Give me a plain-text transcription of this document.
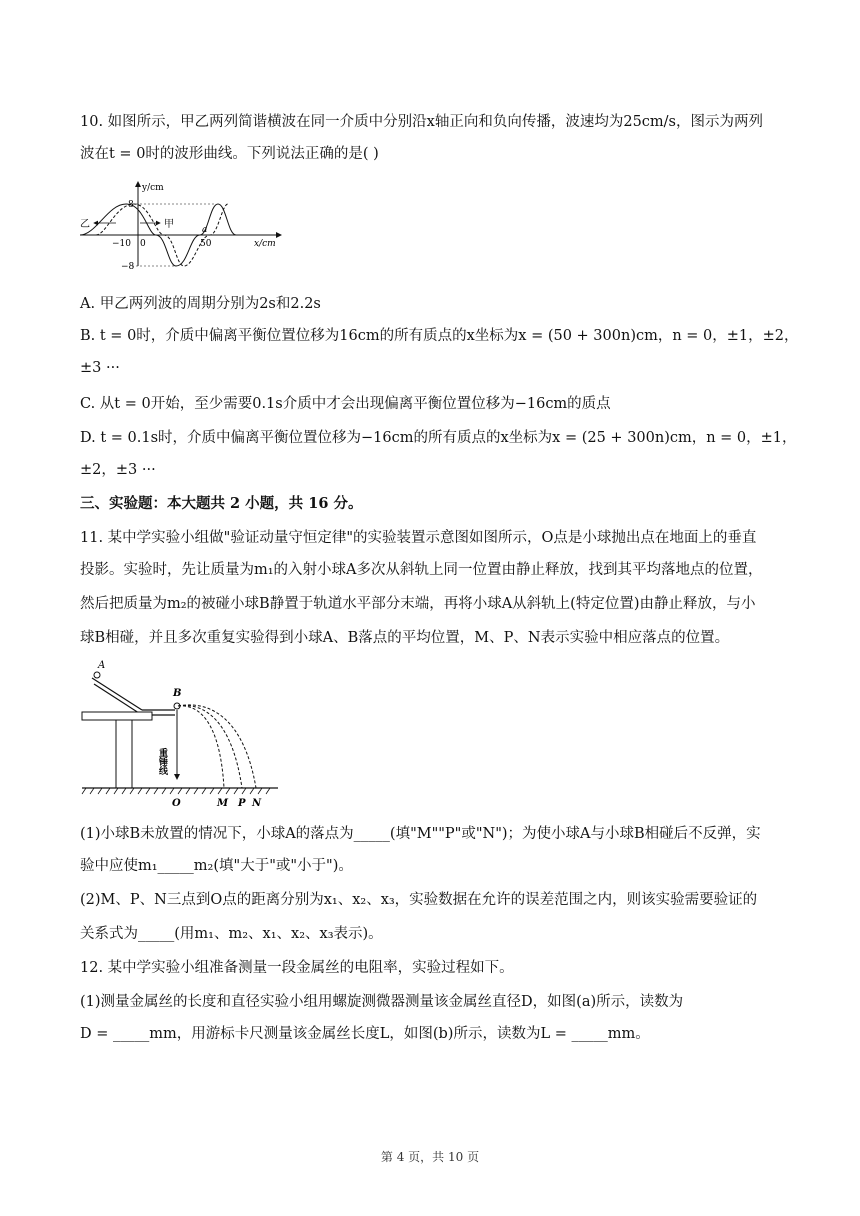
10. 如图所示，甲乙两列简谐横波在同一介质中分别沿x轴正向和负向传播，波速均为25cm/s，图示为两列
波在t = 0时的波形曲线。下列说法正确的是( )
y/cm
x/cm
8
−8
−10 0	50
a
乙	甲
A. 甲乙两列波的周期分别为2s和2.2s
B. t = 0时，介质中偏离平衡位置位移为16cm的所有质点的x坐标为x = (50 + 300n)cm，n = 0，±1，±2，
±3 ···
C. 从t = 0开始，至少需要0.1s介质中才会出现偏离平衡位置位移为−16cm的质点
D. t = 0.1s时，介质中偏离平衡位置位移为−16cm的所有质点的x坐标为x = (25 + 300n)cm，n = 0，±1，
±2，±3 ···
三、实验题：本大题共 2 小题，共 16 分。
11. 某中学实验小组做"验证动量守恒定律"的实验装置示意图如图所示，O点是小球抛出点在地面上的垂直
投影。实验时，先让质量为m₁的入射小球A多次从斜轨上同一位置由静止释放，找到其平均落地点的位置，
然后把质量为m₂的被碰小球B静置于轨道水平部分末端，再将小球A从斜轨上(特定位置)由静止释放，与小
球B相碰，并且多次重复实验得到小球A、B落点的平均位置，M、P、N表示实验中相应落点的位置。
A
B
重锤线
O	M P N
(1)小球B未放置的情况下，小球A的落点为_____(填"M""P"或"N")；为使小球A与小球B相碰后不反弹，实
验中应使m₁_____m₂(填"大于"或"小于")。
(2)M、P、N三点到O点的距离分别为x₁、x₂、x₃，实验数据在允许的误差范围之内，则该实验需要验证的
关系式为_____(用m₁、m₂、x₁、x₂、x₃表示)。
12. 某中学实验小组准备测量一段金属丝的电阻率，实验过程如下。
(1)测量金属丝的长度和直径实验小组用螺旋测微器测量该金属丝直径D，如图(a)所示，读数为
D = _____mm，用游标卡尺测量该金属丝长度L，如图(b)所示，读数为L = _____mm。
第 4 页，共 10 页
